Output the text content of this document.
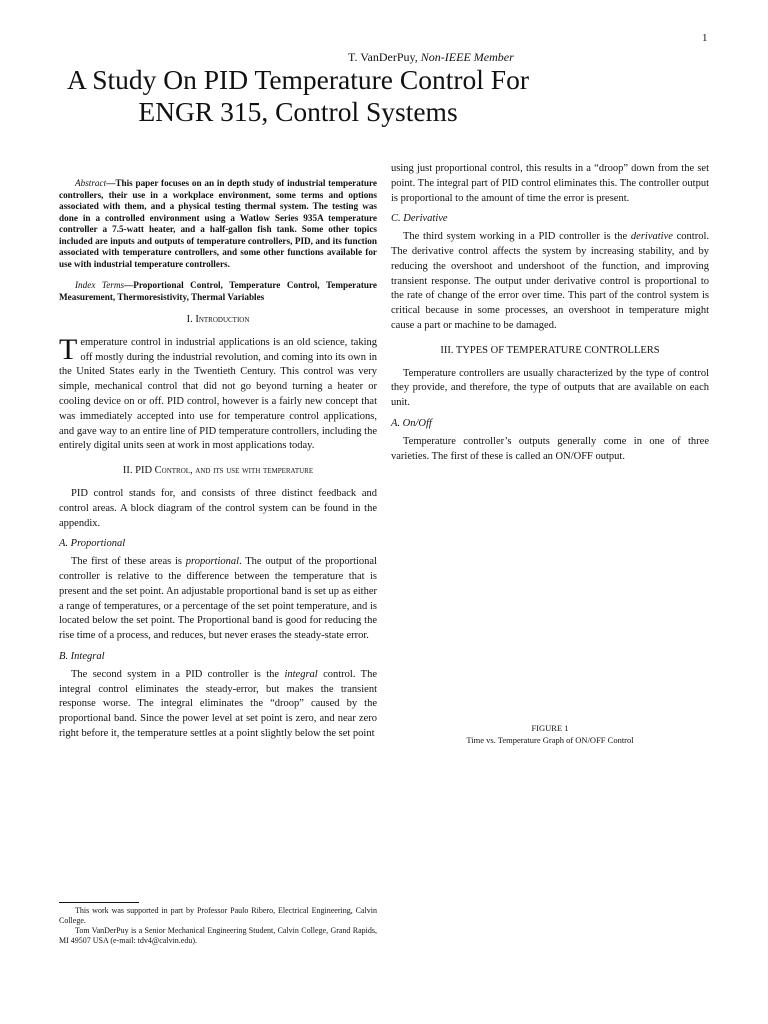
1
T. VanDerPuy, Non-IEEE Member
A Study On PID Temperature Control For ENGR 315, Control Systems

Abstract—This paper focuses on an in depth study of industrial temperature controllers, their use in a workplace environment, some terms and options associated with them, and a physical testing thermal system. The testing was done in a controlled environment using a Watlow Series 935A temperature controller a 7.5-watt heater, and a half-gallon fish tank. Some other topics included are inputs and outputs of temperature controllers, PID, and its function associated with temperature controllers, and some other functions available for use with industrial temperature controllers.

Index Terms—Proportional Control, Temperature Control, Temperature Measurement, Thermoresistivity, Thermal Variables

I. Introduction

Temperature control in industrial applications is an old science, taking off mostly during the industrial revolution, and coming into its own in the United States early in the Twentieth Century. This control was very simple, mechanical control that did not go beyond turning a heater or cooling device on or off. PID control, however is a fairly new concept that was immediately accepted into use for temperature control applications, and gave way to an entire line of PID temperature controllers, including the entirely digital units seen at work in most applications today.

II. PID Control, and its use with temperature

PID control stands for, and consists of three distinct feedback and control areas. A block diagram of the control system can be found in the appendix.

A. Proportional

The first of these areas is proportional. The output of the proportional controller is relative to the difference between the temperature that is present and the set point. An adjustable proportional band is set up as either a range of temperatures, or a percentage of the set point temperature, and is located below the set point. The Proportional band is good for reducing the rise time of a process, and reduces, but never erases the steady-state error.

B. Integral

The second system in a PID controller is the integral control. The integral control eliminates the steady-error, but makes the transient response worse. The integral eliminates the “droop” caused by the proportional band. Since the power level at set point is zero, and near zero right before it, the temperature settles at a point slightly below the set point

This work was supported in part by Professor Paulo Ribero, Electrical Engineering, Calvin College.

Tom VanDerPuy is a Senior Mechanical Engineering Student, Calvin College, Grand Rapids, MI 49507 USA (e-mail: tdv4@calvin.edu).

using just proportional control, this results in a “droop” down from the set point. The integral part of PID control eliminates this. The controller output is proportional to the amount of time the error is present.

C. Derivative

The third system working in a PID controller is the derivative control. The derivative control affects the system by increasing stability, and by reducing the overshoot and undershoot of the function, and improving transient response. The output under derivative control is proportional to the rate of change of the error over time. This part of the control system is critical because in some processes, an overshoot in temperature might cause a part or machine to be damaged.

III. TYPES OF TEMPERATURE CONTROLLERS

Temperature controllers are usually characterized by the type of control they provide, and therefore, the type of outputs that are available on each unit.

A. On/Off

Temperature controller’s outputs generally come in one of three varieties. The first of these is called an ON/OFF output.

FIGURE 1
Time vs. Temperature Graph of ON/OFF Control
